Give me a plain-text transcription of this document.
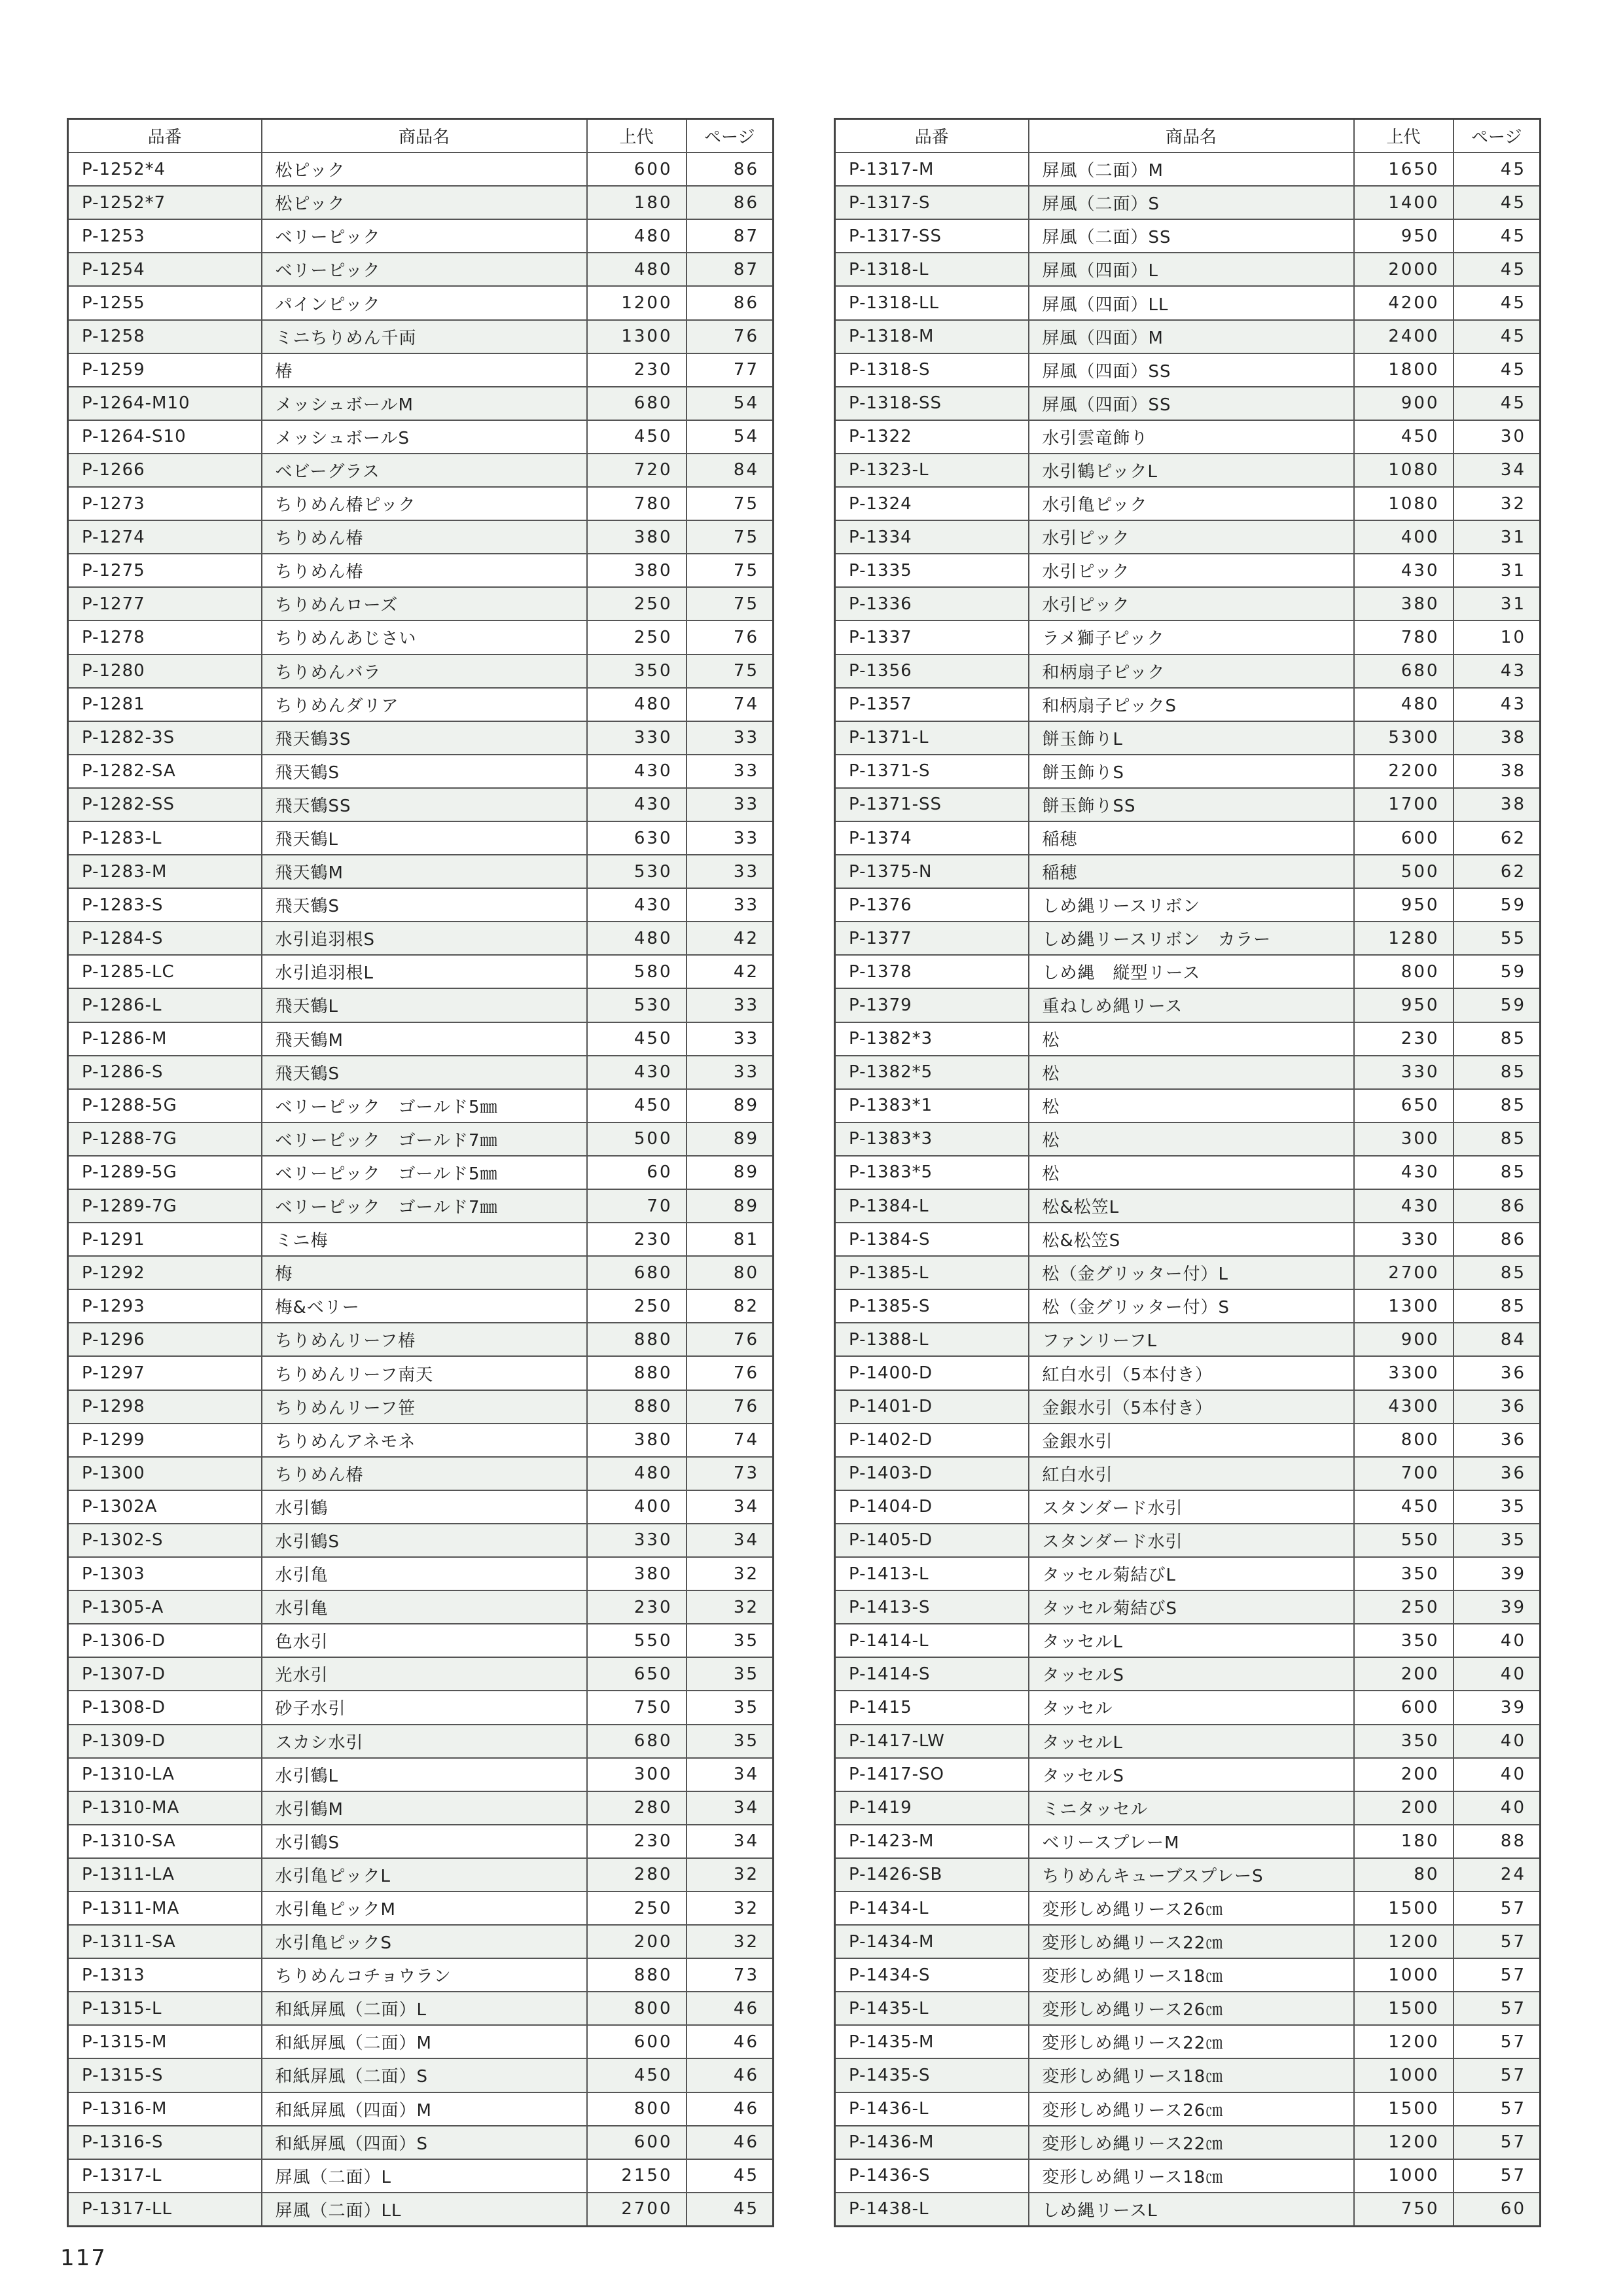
品番	商品名	上代	ページ
P-1252*4	松ピック	600	86
P-1252*7	松ピック	180	86
P-1253	ベリーピック	480	87
P-1254	ベリーピック	480	87
P-1255	パインピック	1200	86
P-1258	ミニちりめん千両	1300	76
P-1259	椿	230	77
P-1264-M10	メッシュボールM	680	54
P-1264-S10	メッシュボールS	450	54
P-1266	ベビーグラス	720	84
P-1273	ちりめん椿ピック	780	75
P-1274	ちりめん椿	380	75
P-1275	ちりめん椿	380	75
P-1277	ちりめんローズ	250	75
P-1278	ちりめんあじさい	250	76
P-1280	ちりめんバラ	350	75
P-1281	ちりめんダリア	480	74
P-1282-3S	飛天鶴3S	330	33
P-1282-SA	飛天鶴S	430	33
P-1282-SS	飛天鶴SS	430	33
P-1283-L	飛天鶴L	630	33
P-1283-M	飛天鶴M	530	33
P-1283-S	飛天鶴S	430	33
P-1284-S	水引追羽根S	480	42
P-1285-LC	水引追羽根L	580	42
P-1286-L	飛天鶴L	530	33
P-1286-M	飛天鶴M	450	33
P-1286-S	飛天鶴S	430	33
P-1288-5G	ベリーピック　ゴールド5㎜	450	89
P-1288-7G	ベリーピック　ゴールド7㎜	500	89
P-1289-5G	ベリーピック　ゴールド5㎜	60	89
P-1289-7G	ベリーピック　ゴールド7㎜	70	89
P-1291	ミニ梅	230	81
P-1292	梅	680	80
P-1293	梅&ベリー	250	82
P-1296	ちりめんリーフ椿	880	76
P-1297	ちりめんリーフ南天	880	76
P-1298	ちりめんリーフ笹	880	76
P-1299	ちりめんアネモネ	380	74
P-1300	ちりめん椿	480	73
P-1302A	水引鶴	400	34
P-1302-S	水引鶴S	330	34
P-1303	水引亀	380	32
P-1305-A	水引亀	230	32
P-1306-D	色水引	550	35
P-1307-D	光水引	650	35
P-1308-D	砂子水引	750	35
P-1309-D	スカシ水引	680	35
P-1310-LA	水引鶴L	300	34
P-1310-MA	水引鶴M	280	34
P-1310-SA	水引鶴S	230	34
P-1311-LA	水引亀ピックL	280	32
P-1311-MA	水引亀ピックM	250	32
P-1311-SA	水引亀ピックS	200	32
P-1313	ちりめんコチョウラン	880	73
P-1315-L	和紙屏風（二面）L	800	46
P-1315-M	和紙屏風（二面）M	600	46
P-1315-S	和紙屏風（二面）S	450	46
P-1316-M	和紙屏風（四面）M	800	46
P-1316-S	和紙屏風（四面）S	600	46
P-1317-L	屏風（二面）L	2150	45
P-1317-LL	屏風（二面）LL	2700	45
品番	商品名	上代	ページ
P-1317-M	屏風（二面）M	1650	45
P-1317-S	屏風（二面）S	1400	45
P-1317-SS	屏風（二面）SS	950	45
P-1318-L	屏風（四面）L	2000	45
P-1318-LL	屏風（四面）LL	4200	45
P-1318-M	屏風（四面）M	2400	45
P-1318-S	屏風（四面）SS	1800	45
P-1318-SS	屏風（四面）SS	900	45
P-1322	水引雲竜飾り	450	30
P-1323-L	水引鶴ピックL	1080	34
P-1324	水引亀ピック	1080	32
P-1334	水引ピック	400	31
P-1335	水引ピック	430	31
P-1336	水引ピック	380	31
P-1337	ラメ獅子ピック	780	10
P-1356	和柄扇子ピック	680	43
P-1357	和柄扇子ピックS	480	43
P-1371-L	餅玉飾りL	5300	38
P-1371-S	餅玉飾りS	2200	38
P-1371-SS	餅玉飾りSS	1700	38
P-1374	稲穂	600	62
P-1375-N	稲穂	500	62
P-1376	しめ縄リースリボン	950	59
P-1377	しめ縄リースリボン　カラー	1280	55
P-1378	しめ縄　縦型リース	800	59
P-1379	重ねしめ縄リース	950	59
P-1382*3	松	230	85
P-1382*5	松	330	85
P-1383*1	松	650	85
P-1383*3	松	300	85
P-1383*5	松	430	85
P-1384-L	松&松笠L	430	86
P-1384-S	松&松笠S	330	86
P-1385-L	松（金グリッター付）L	2700	85
P-1385-S	松（金グリッター付）S	1300	85
P-1388-L	ファンリーフL	900	84
P-1400-D	紅白水引（5本付き）	3300	36
P-1401-D	金銀水引（5本付き）	4300	36
P-1402-D	金銀水引	800	36
P-1403-D	紅白水引	700	36
P-1404-D	スタンダード水引	450	35
P-1405-D	スタンダード水引	550	35
P-1413-L	タッセル菊結びL	350	39
P-1413-S	タッセル菊結びS	250	39
P-1414-L	タッセルL	350	40
P-1414-S	タッセルS	200	40
P-1415	タッセル	600	39
P-1417-LW	タッセルL	350	40
P-1417-SO	タッセルS	200	40
P-1419	ミニタッセル	200	40
P-1423-M	ベリースプレーM	180	88
P-1426-SB	ちりめんキューブスプレーS	80	24
P-1434-L	変形しめ縄リース26㎝	1500	57
P-1434-M	変形しめ縄リース22㎝	1200	57
P-1434-S	変形しめ縄リース18㎝	1000	57
P-1435-L	変形しめ縄リース26㎝	1500	57
P-1435-M	変形しめ縄リース22㎝	1200	57
P-1435-S	変形しめ縄リース18㎝	1000	57
P-1436-L	変形しめ縄リース26㎝	1500	57
P-1436-M	変形しめ縄リース22㎝	1200	57
P-1436-S	変形しめ縄リース18㎝	1000	57
P-1438-L	しめ縄リースL	750	60
117
